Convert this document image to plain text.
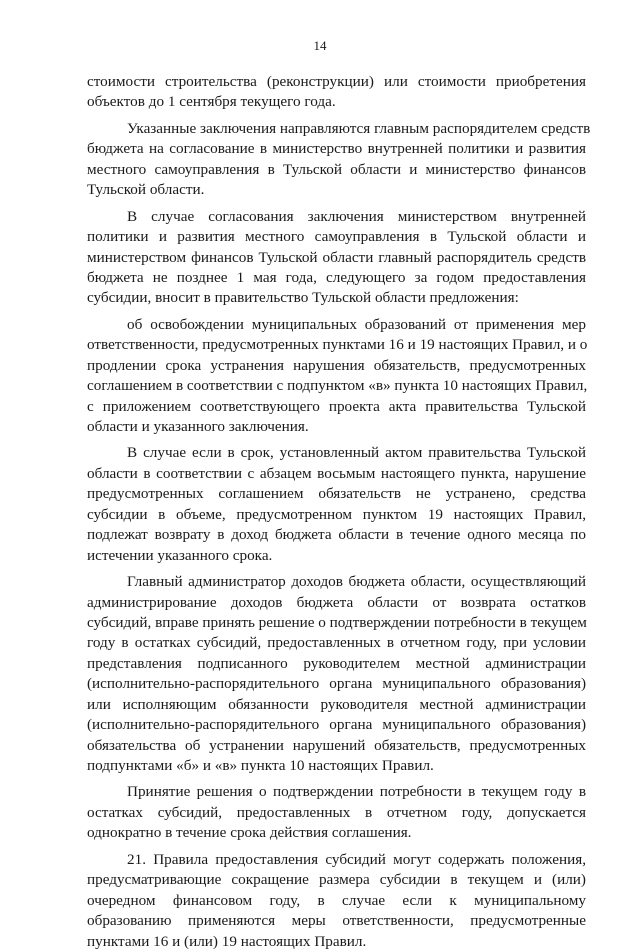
14
стоимости строительства (реконструкции) или стоимости приобретения
объектов до 1 сентября текущего года.
Указанные заключения направляются главным распорядителем средств
бюджета на согласование в министерство внутренней политики и развития
местного самоуправления в Тульской области и министерство финансов
Тульской области.
В случае согласования заключения министерством внутренней
политики и развития местного самоуправления в Тульской области и
министерством финансов Тульской области главный распорядитель средств
бюджета не позднее 1 мая года, следующего за годом предоставления
субсидии, вносит в правительство Тульской области предложения:
об освобождении муниципальных образований от применения мер
ответственности, предусмотренных пунктами 16 и 19 настоящих Правил, и о
продлении срока устранения нарушения обязательств, предусмотренных
соглашением в соответствии с подпунктом «в» пункта 10 настоящих Правил,
с приложением соответствующего проекта акта правительства Тульской
области и указанного заключения.
В случае если в срок, установленный актом правительства Тульской
области в соответствии с абзацем восьмым настоящего пункта, нарушение
предусмотренных соглашением обязательств не устранено, средства
субсидии в объеме, предусмотренном пунктом 19 настоящих Правил,
подлежат возврату в доход бюджета области в течение одного месяца по
истечении указанного срока.
Главный администратор доходов бюджета области, осуществляющий
администрирование доходов бюджета области от возврата остатков
субсидий, вправе принять решение о подтверждении потребности в текущем
году в остатках субсидий, предоставленных в отчетном году, при условии
представления подписанного руководителем местной администрации
(исполнительно-распорядительного органа муниципального образования)
или исполняющим обязанности руководителя местной администрации
(исполнительно-распорядительного органа муниципального образования)
обязательства об устранении нарушений обязательств, предусмотренных
подпунктами «б» и «в» пункта 10 настоящих Правил.
Принятие решения о подтверждении потребности в текущем году в
остатках субсидий, предоставленных в отчетном году, допускается
однократно в течение срока действия соглашения.
21. Правила предоставления субсидий могут содержать положения,
предусматривающие сокращение размера субсидии в текущем и (или)
очередном финансовом году, в случае если к муниципальному
образованию применяются меры ответственности, предусмотренные
пунктами 16 и (или) 19 настоящих Правил.
